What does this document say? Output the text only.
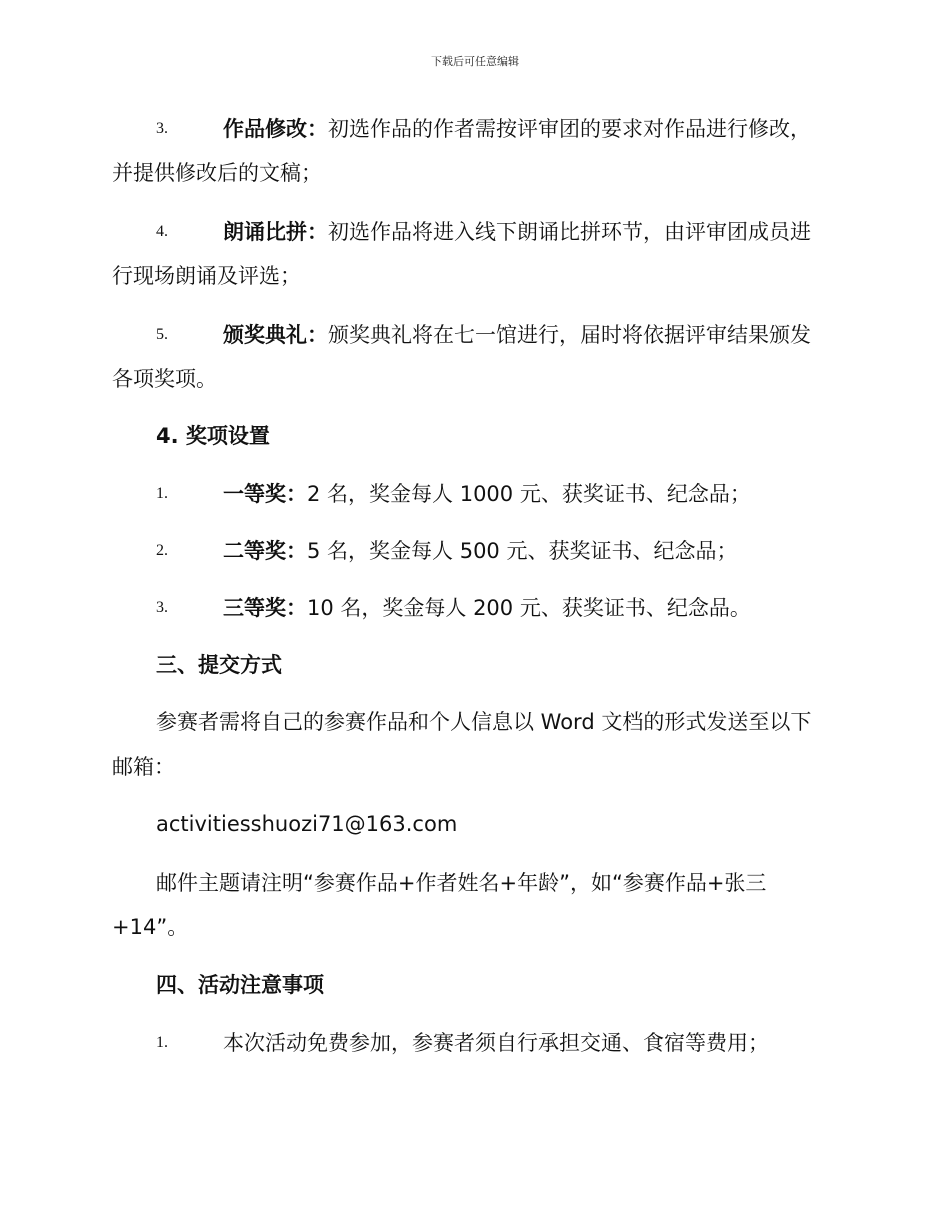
下载后可任意编辑
3.	作品修改：初选作品的作者需按评审团的要求对作品进行修改，
并提供修改后的文稿；
4.	朗诵比拼：初选作品将进入线下朗诵比拼环节，由评审团成员进
行现场朗诵及评选；
5.	颁奖典礼：颁奖典礼将在七一馆进行，届时将依据评审结果颁发
各项奖项。
4. 奖项设置
1.	一等奖：2 名，奖金每人 1000 元、获奖证书、纪念品；
2.	二等奖：5 名，奖金每人 500 元、获奖证书、纪念品；
3.	三等奖：10 名，奖金每人 200 元、获奖证书、纪念品。
三、提交方式
参赛者需将自己的参赛作品和个人信息以 Word 文档的形式发送至以下
邮箱：
activitiesshuozi71@163.com
邮件主题请注明“参赛作品+作者姓名+年龄”，如“参赛作品+张三
+14”。
四、活动注意事项
1.	本次活动免费参加，参赛者须自行承担交通、食宿等费用；
